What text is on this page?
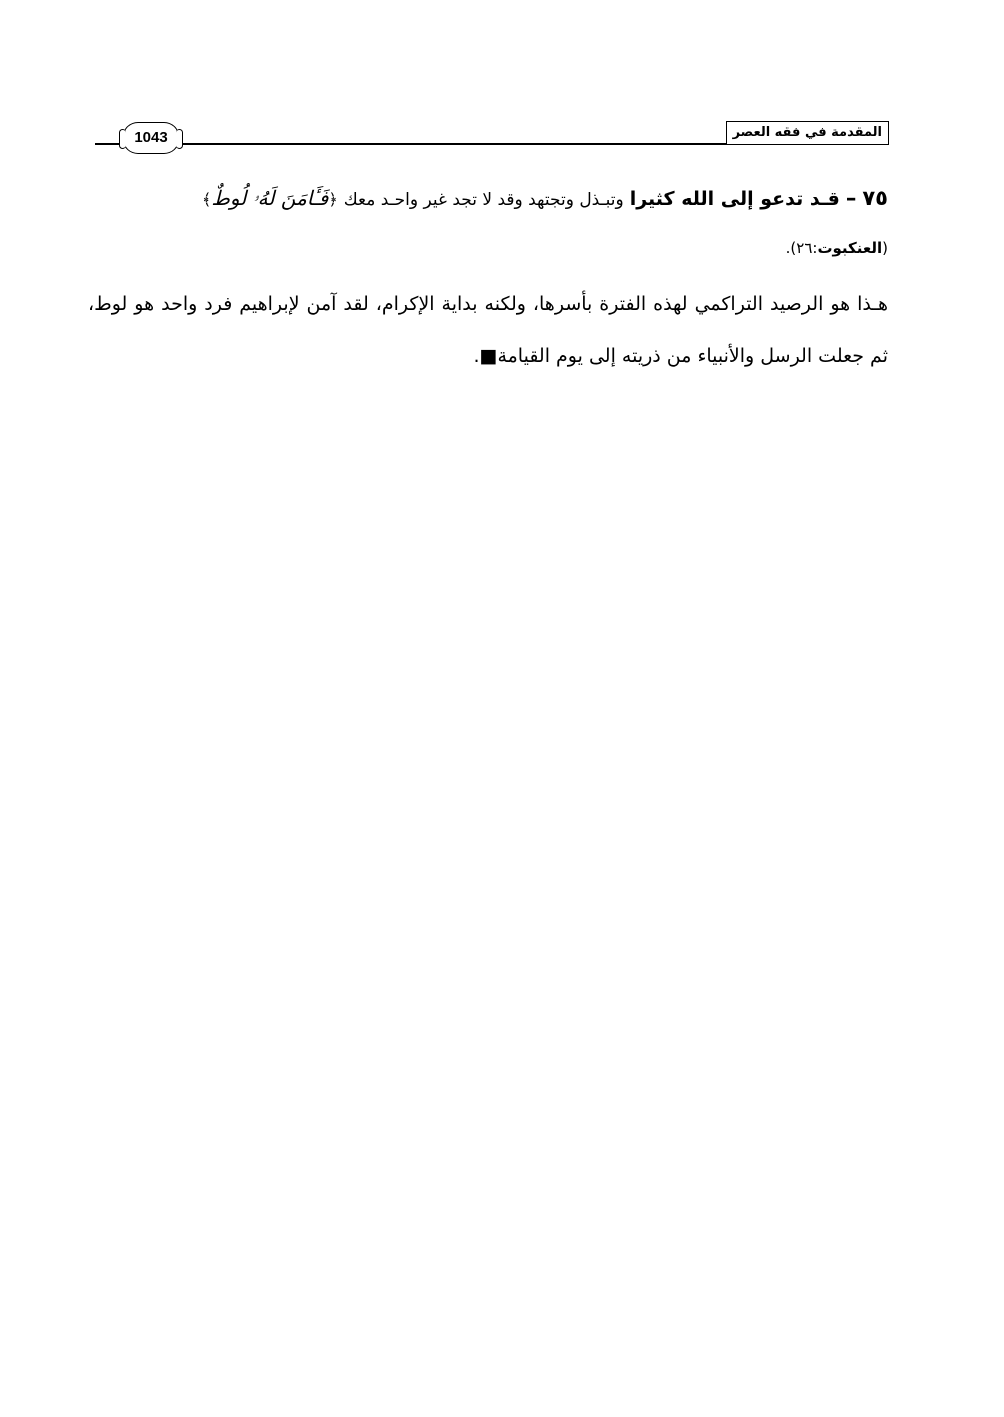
المقدمة في فقه العصر
1043
٧٥ – قـد تدعو إلى الله كثيرا وتبـذل وتجتهد وقد لا تجد غير واحـد معك ﴿فَـَٔامَنَ لَهُۥ لُوطٌ﴾
(العنكبوت:٢٦).
هـذا هو الرصيد التراكمي لهذه الفترة بأسرها، ولكنه بداية الإكرام، لقد آمن لإبراهيم فرد واحد هو لوط، ثم جعلت الرسل والأنبياء من ذريته إلى يوم القيامة■.
